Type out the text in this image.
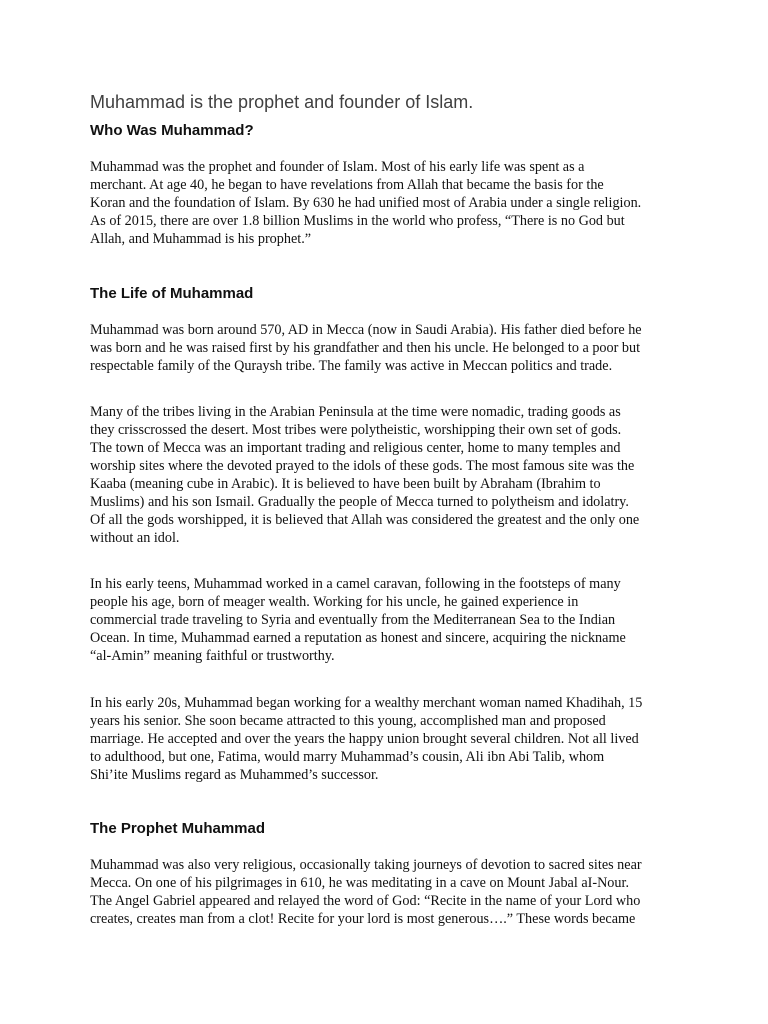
Muhammad is the prophet and founder of Islam.
Who Was Muhammad?
Muhammad was the prophet and founder of Islam. Most of his early life was spent as a
merchant. At age 40, he began to have revelations from Allah that became the basis for the
Koran and the foundation of Islam. By 630 he had unified most of Arabia under a single religion.
As of 2015, there are over 1.8 billion Muslims in the world who profess, “There is no God but
Allah, and Muhammad is his prophet.”
The Life of Muhammad
Muhammad was born around 570, AD in Mecca (now in Saudi Arabia). His father died before he
was born and he was raised first by his grandfather and then his uncle. He belonged to a poor but
respectable family of the Quraysh tribe. The family was active in Meccan politics and trade.
Many of the tribes living in the Arabian Peninsula at the time were nomadic, trading goods as
they crisscrossed the desert. Most tribes were polytheistic, worshipping their own set of gods.
The town of Mecca was an important trading and religious center, home to many temples and
worship sites where the devoted prayed to the idols of these gods. The most famous site was the
Kaaba (meaning cube in Arabic). It is believed to have been built by Abraham (Ibrahim to
Muslims) and his son Ismail. Gradually the people of Mecca turned to polytheism and idolatry.
Of all the gods worshipped, it is believed that Allah was considered the greatest and the only one
without an idol.
In his early teens, Muhammad worked in a camel caravan, following in the footsteps of many
people his age, born of meager wealth. Working for his uncle, he gained experience in
commercial trade traveling to Syria and eventually from the Mediterranean Sea to the Indian
Ocean. In time, Muhammad earned a reputation as honest and sincere, acquiring the nickname
“al-Amin” meaning faithful or trustworthy.
In his early 20s, Muhammad began working for a wealthy merchant woman named Khadihah, 15
years his senior. She soon became attracted to this young, accomplished man and proposed
marriage. He accepted and over the years the happy union brought several children. Not all lived
to adulthood, but one, Fatima, would marry Muhammad’s cousin, Ali ibn Abi Talib, whom
Shi’ite Muslims regard as Muhammed’s successor.
The Prophet Muhammad
Muhammad was also very religious, occasionally taking journeys of devotion to sacred sites near
Mecca. On one of his pilgrimages in 610, he was meditating in a cave on Mount Jabal aI-Nour.
The Angel Gabriel appeared and relayed the word of God: “Recite in the name of your Lord who
creates, creates man from a clot! Recite for your lord is most generous….” These words became
